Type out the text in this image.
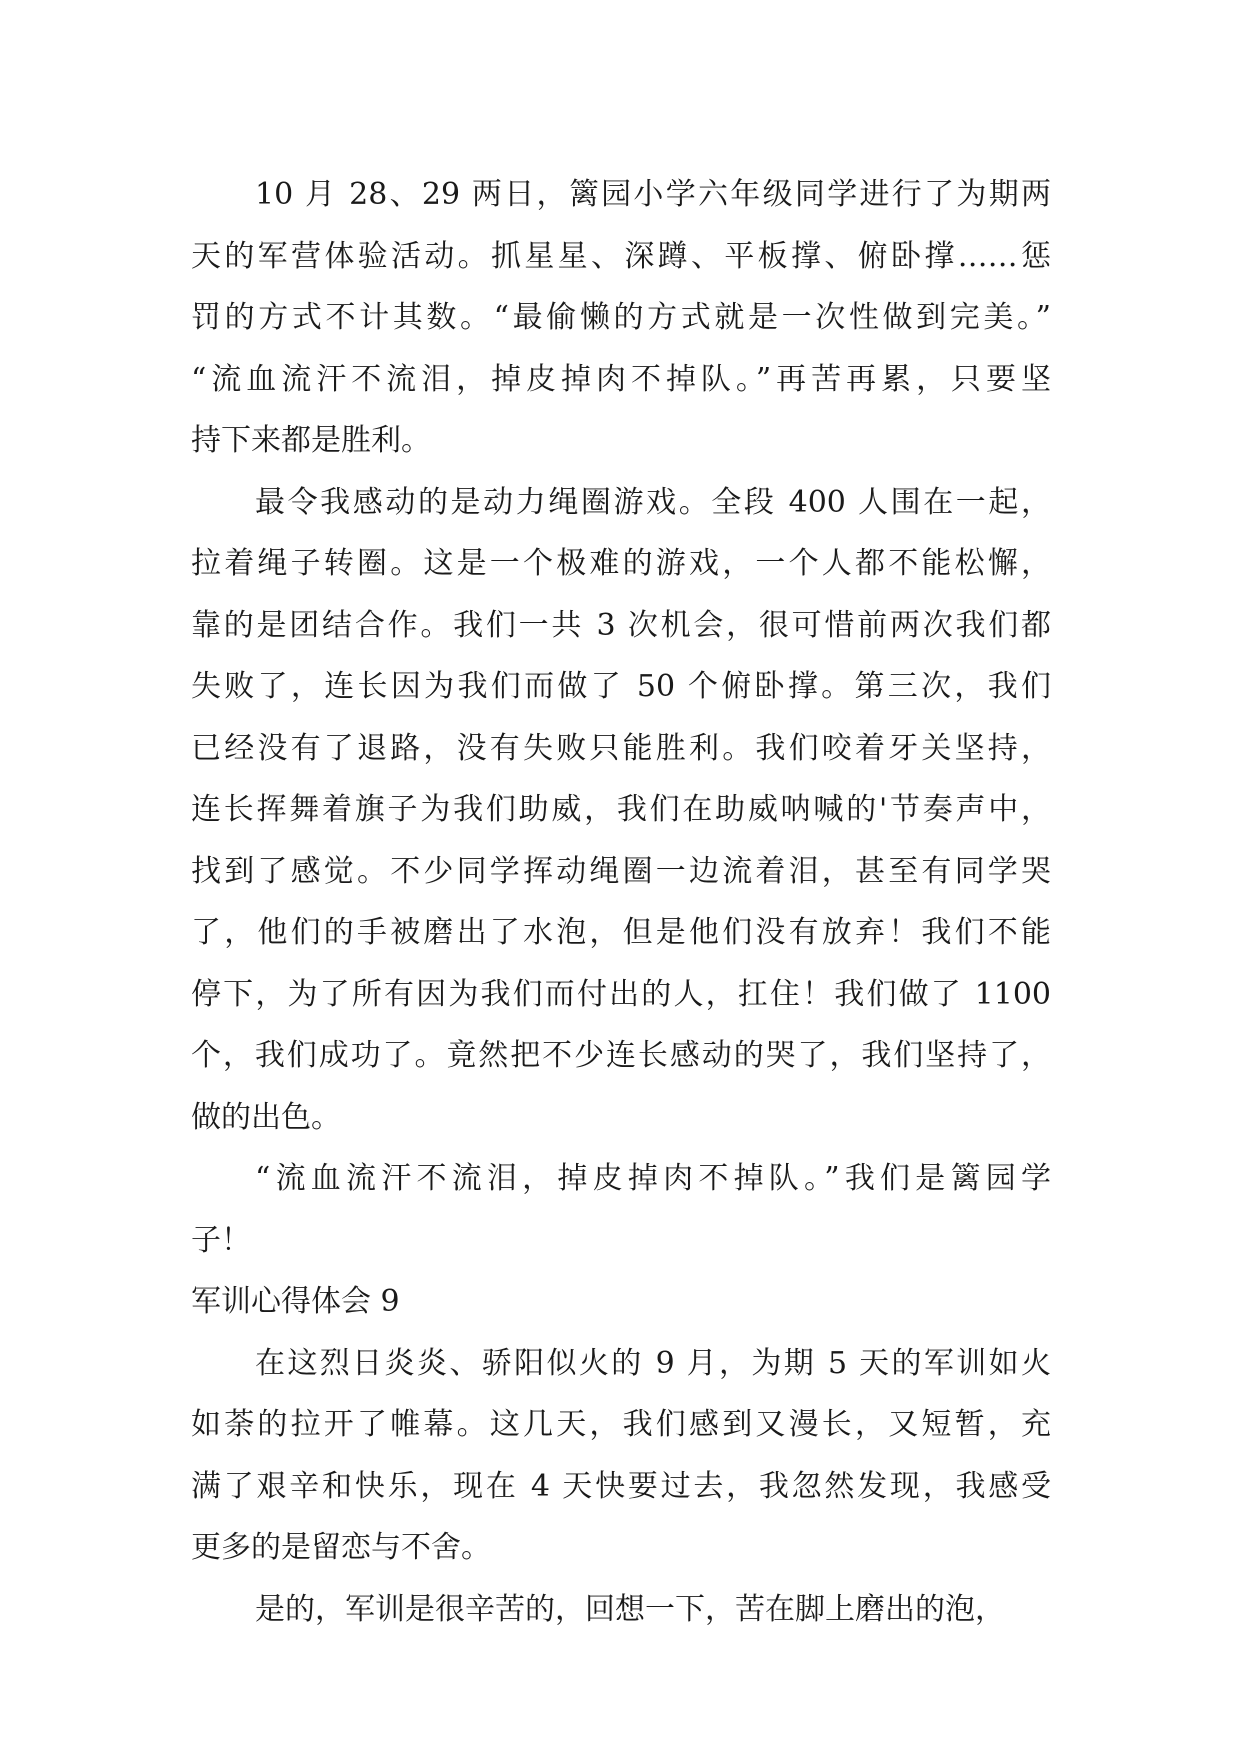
10 月 28、29 两日，篱园小学六年级同学进行了为期两
天的军营体验活动。抓星星、深蹲、平板撑、俯卧撑……惩
罚的方式不计其数。“最偷懒的方式就是一次性做到完美。”
“流血流汗不流泪，掉皮掉肉不掉队。”再苦再累，只要坚
持下来都是胜利。
最令我感动的是动力绳圈游戏。全段 400 人围在一起，
拉着绳子转圈。这是一个极难的游戏，一个人都不能松懈，
靠的是团结合作。我们一共 3 次机会，很可惜前两次我们都
失败了，连长因为我们而做了 50 个俯卧撑。第三次，我们
已经没有了退路，没有失败只能胜利。我们咬着牙关坚持，
连长挥舞着旗子为我们助威，我们在助威呐喊的'节奏声中，
找到了感觉。不少同学挥动绳圈一边流着泪，甚至有同学哭
了，他们的手被磨出了水泡，但是他们没有放弃！我们不能
停下，为了所有因为我们而付出的人，扛住！我们做了 1100
个，我们成功了。竟然把不少连长感动的哭了，我们坚持了，
做的出色。
“流血流汗不流泪，掉皮掉肉不掉队。”我们是篱园学
子！
军训心得体会 9
在这烈日炎炎、骄阳似火的 9 月，为期 5 天的军训如火
如荼的拉开了帷幕。这几天，我们感到又漫长，又短暂，充
满了艰辛和快乐，现在 4 天快要过去，我忽然发现，我感受
更多的是留恋与不舍。
是的，军训是很辛苦的，回想一下，苦在脚上磨出的泡，
